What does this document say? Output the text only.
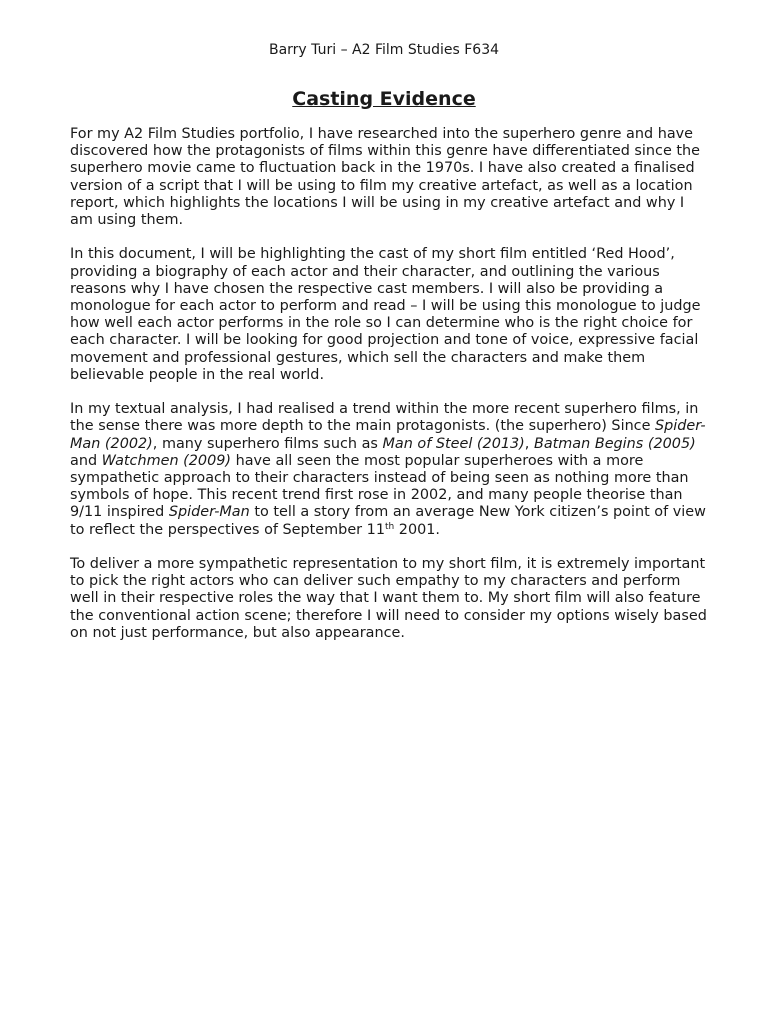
Barry Turi – A2 Film Studies F634
Casting Evidence

For my A2 Film Studies portfolio, I have researched into the superhero genre and have discovered how the protagonists of films within this genre have differentiated since the superhero movie came to fluctuation back in the 1970s. I have also created a finalised version of a script that I will be using to film my creative artefact, as well as a location report, which highlights the locations I will be using in my creative artefact and why I am using them.

In this document, I will be highlighting the cast of my short film entitled ‘Red Hood’, providing a biography of each actor and their character, and outlining the various reasons why I have chosen the respective cast members. I will also be providing a monologue for each actor to perform and read – I will be using this monologue to judge how well each actor performs in the role so I can determine who is the right choice for each character. I will be looking for good projection and tone of voice, expressive facial movement and professional gestures, which sell the characters and make them believable people in the real world.

In my textual analysis, I had realised a trend within the more recent superhero films, in the sense there was more depth to the main protagonists. (the superhero) Since Spider-Man (2002), many superhero films such as Man of Steel (2013), Batman Begins (2005) and Watchmen (2009) have all seen the most popular superheroes with a more sympathetic approach to their characters instead of being seen as nothing more than symbols of hope. This recent trend first rose in 2002, and many people theorise than 9/11 inspired Spider-Man to tell a story from an average New York citizen’s point of view to reflect the perspectives of September 11th 2001.

To deliver a more sympathetic representation to my short film, it is extremely important to pick the right actors who can deliver such empathy to my characters and perform well in their respective roles the way that I want them to. My short film will also feature the conventional action scene; therefore I will need to consider my options wisely based on not just performance, but also appearance.
